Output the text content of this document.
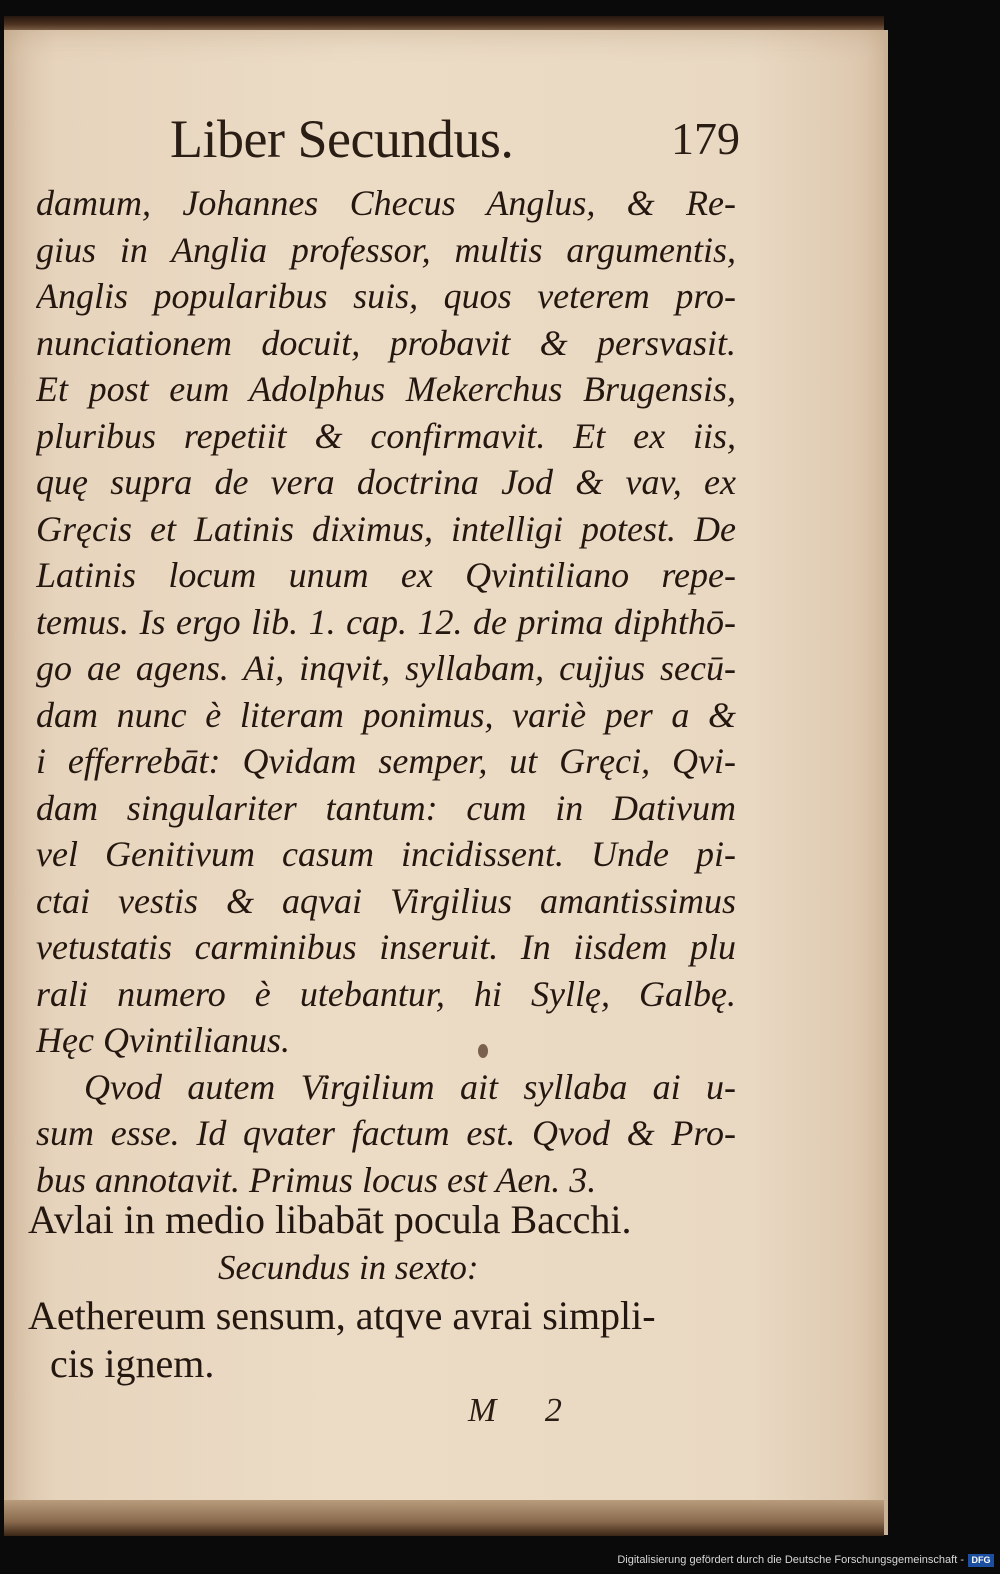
Liber Secundus.	179
damum, Johannes Checus Anglus, & Re-
gius in Anglia professor, multis argumentis,
Anglis popularibus suis, quos veterem pro-
nunciationem docuit, probavit & persvasit.
Et post eum Adolphus Mekerchus Brugensis,
pluribus repetiit & confirmavit. Et ex iis,
quę supra de vera doctrina Jod & vav, ex
Gręcis et Latinis diximus, intelligi potest. De
Latinis locum unum ex Qvintiliano repe-
temus. Is ergo lib. 1. cap. 12. de prima diphthō-
go ae agens. Ai, inqvit, syllabam, cujjus secū-
dam nunc è literam ponimus, variè per a &
i efferrebāt: Qvidam semper, ut Gręci, Qvi-
dam singulariter tantum: cum in Dativum
vel Genitivum casum incidissent. Unde pi-
ctai vestis & aqvai Virgilius amantissimus
vetustatis carminibus inseruit. In iisdem plu
rali numero è utebantur, hi Syllę, Galbę.
Hęc Qvintilianus.
Qvod autem Virgilium ait syllaba ai u-
sum esse. Id qvater factum est. Qvod & Pro-
bus annotavit. Primus locus est Aen. 3.
Avlai in medio libabāt pocula Bacchi.
Secundus in sexto:
Aethereum sensum, atqve avrai simpli-
cis ignem.
M 2
Digitalisierung gefördert durch die Deutsche Forschungsgemeinschaft - DFG
